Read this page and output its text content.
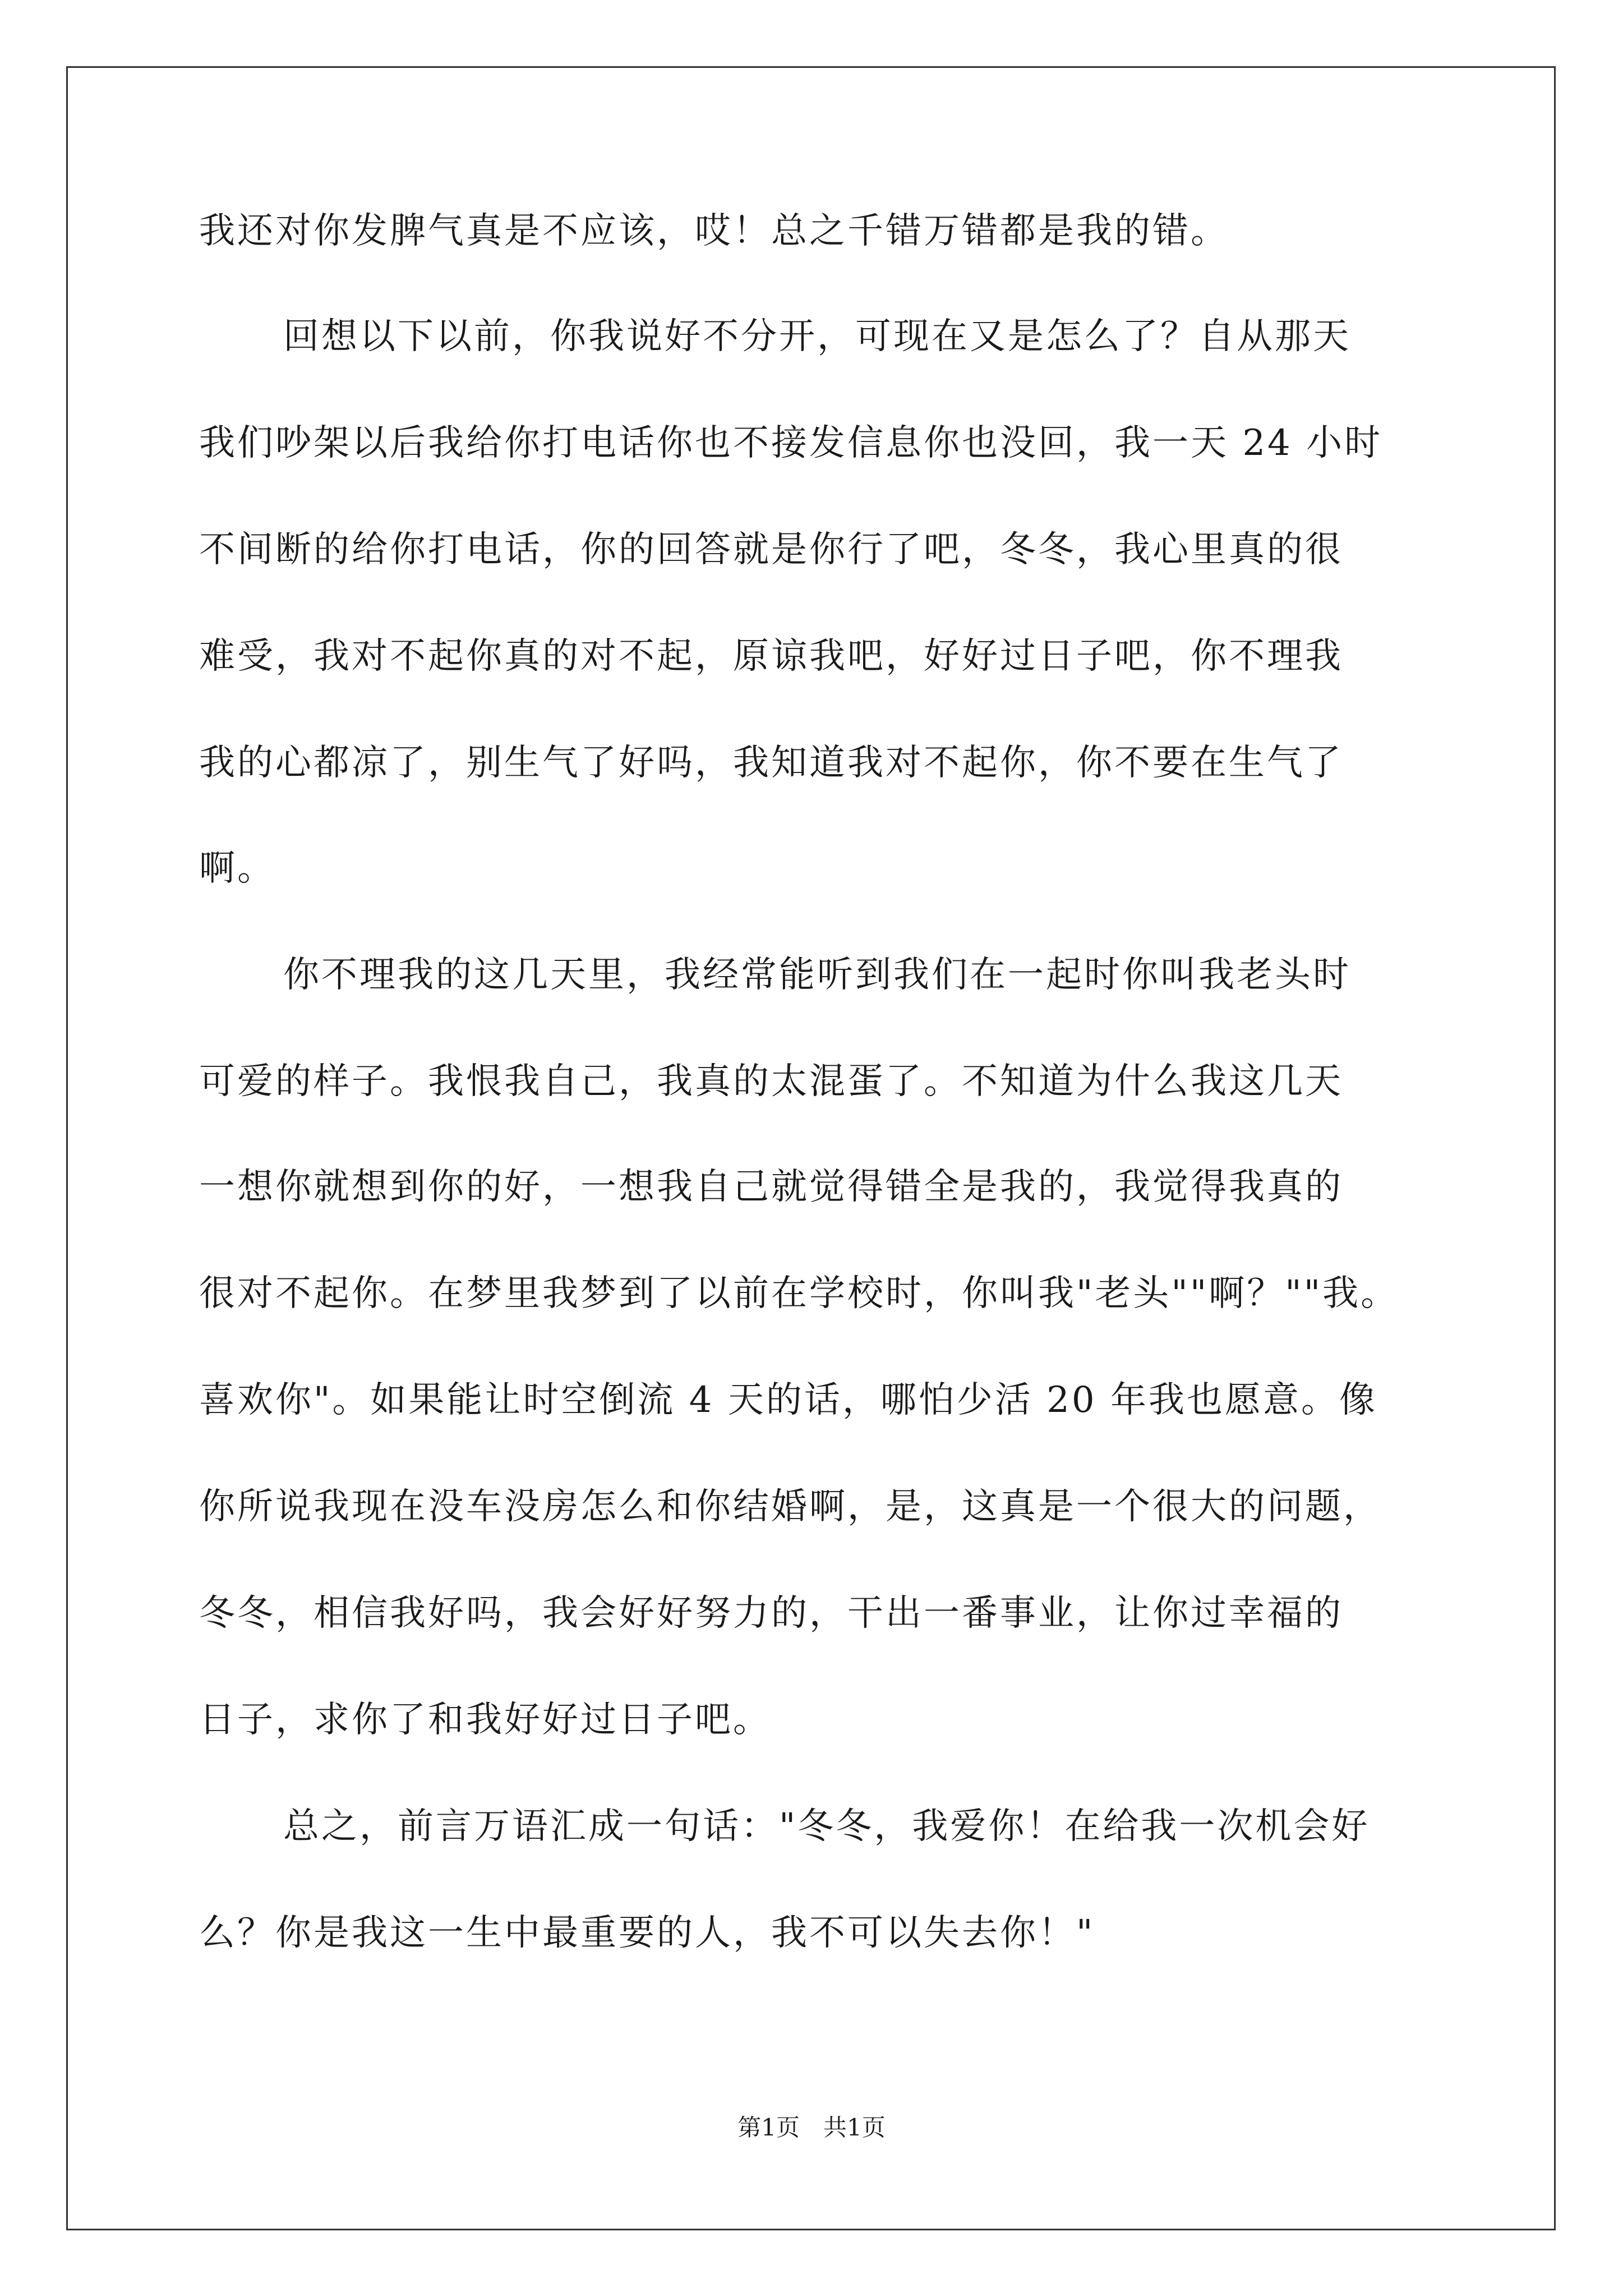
我还对你发脾气真是不应该，哎！总之千错万错都是我的错。
回想以下以前，你我说好不分开，可现在又是怎么了？自从那天
我们吵架以后我给你打电话你也不接发信息你也没回，我一天 24 小时
不间断的给你打电话，你的回答就是你行了吧，冬冬，我心里真的很
难受，我对不起你真的对不起，原谅我吧，好好过日子吧，你不理我
我的心都凉了，别生气了好吗，我知道我对不起你，你不要在生气了
啊。
你不理我的这几天里，我经常能听到我们在一起时你叫我老头时
可爱的样子。我恨我自己，我真的太混蛋了。不知道为什么我这几天
一想你就想到你的好，一想我自己就觉得错全是我的，我觉得我真的
很对不起你。在梦里我梦到了以前在学校时，你叫我"老头""啊？""我。
喜欢你"。如果能让时空倒流 4 天的话，哪怕少活 20 年我也愿意。像
你所说我现在没车没房怎么和你结婚啊，是，这真是一个很大的问题，
冬冬，相信我好吗，我会好好努力的，干出一番事业，让你过幸福的
日子，求你了和我好好过日子吧。
总之，前言万语汇成一句话："冬冬，我爱你！在给我一次机会好
么？你是我这一生中最重要的人，我不可以失去你！"
第1页　共1页
